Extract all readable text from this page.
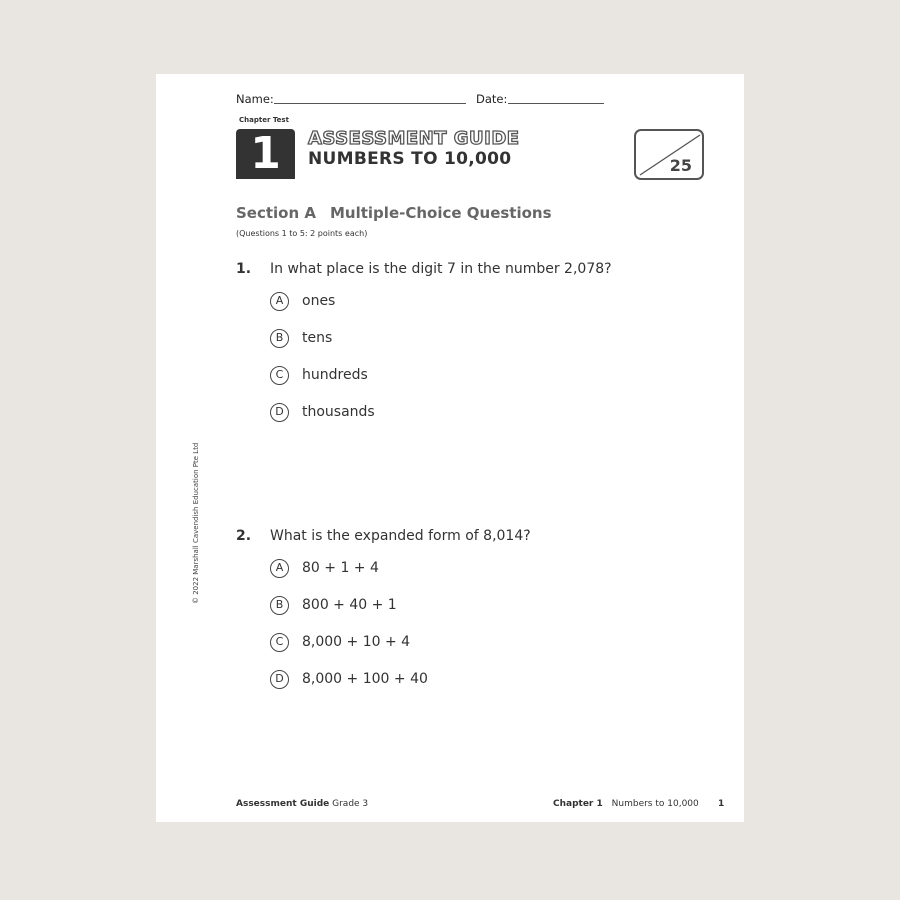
Name:	Date:
Chapter Test
1	ASSESSMENT GUIDE
NUMBERS TO 10,000	25
Section A Multiple-Choice Questions
(Questions 1 to 5: 2 points each)
1. In what place is the digit 7 in the number 2,078?
A	ones
B	tens
C	hundreds
D	thousands
© 2022 Marshall Cavendish Education Pte Ltd	2. What is the expanded form of 8,014?
A	80 + 1 + 4
B	800 + 40 + 1
C	8,000 + 10 + 4
D	8,000 + 100 + 40
Assessment Guide Grade 3	Chapter 1 Numbers to 10,000 1
